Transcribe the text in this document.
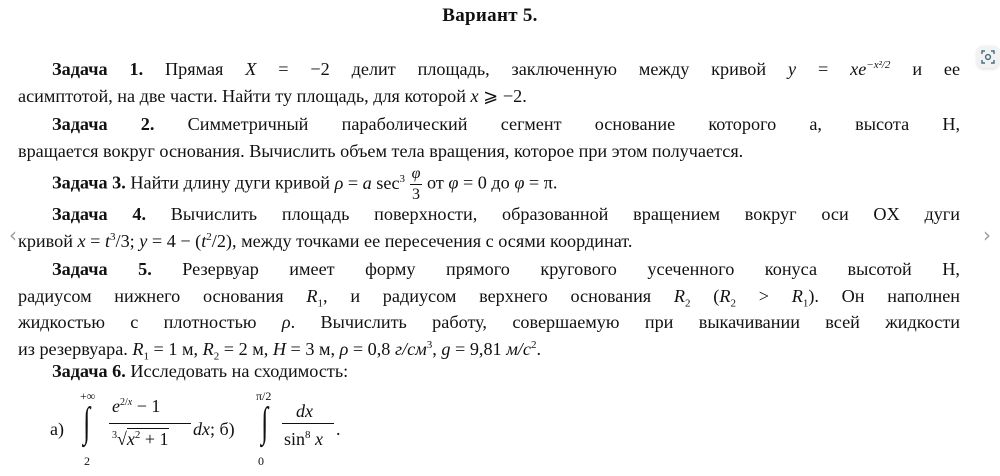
Вариант 5.
‹	›
Задача 1. Прямая X = −2 делит площадь, заключенную между кривой $y = xe^{-x^2/2}$ и ее
асимптотой, на две части. Найти ту площадь, для которой x ⩾ −2.
Задача 2. Симметричный параболический сегмент основание которого а, высота Н,
вращается вокруг основания. Вычислить объем тела вращения, которое при этом получается.
Задача 3. Найти длину дуги кривой ρ = a $\sec^3 \frac{\varphi}{3}$ от φ = 0 до φ = π.
Задача 4. Вычислить площадь поверхности, образованной вращением вокруг оси OX дуги
кривой $x = t^3/3$; $y = 4 - (t^2/2)$, между точками ее пересечения с осями координат.
Задача 5. Резервуар имеет форму прямого кругового усеченного конуса высотой Н,
радиусом нижнего основания $R_1$, и радиусом верхнего основания $R_2$ $(R_2 > R_1)$. Он наполнен
жидкостью с плотностью ρ. Вычислить работу, совершаемую при выкачивании всей жидкости
из резервуара. $R_1 = 1$ м, $R_2 = 2$ м, H = 3 м, ρ = 0,8 $г/см^3$, g = 9,81 $м/с^2$.
Задача 6. Исследовать на сходимость:
а)
+∞
∫
2
$e^{2/x} - 1$
$^3√x^2 + 1$ dx; б)
π/2
∫
0
dx
$\sin^8 x$ .
